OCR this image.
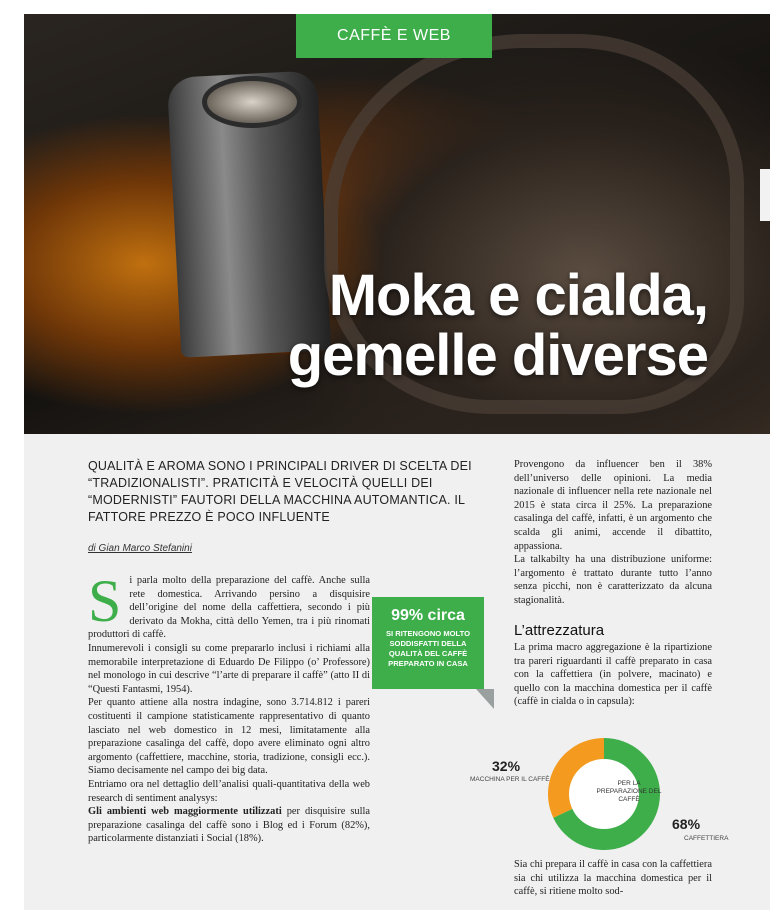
CAFFÈ E WEB
Moka e cialda,
gemelle diverse
QUALITÀ E AROMA SONO I PRINCIPALI DRIVER DI SCELTA DEI “TRADIZIONALISTI”. PRATICITÀ E VELOCITÀ QUELLI DEI “MODERNISTI” FAUTORI DELLA MACCHINA AUTOMANTICA. IL FATTORE PREZZO È POCO INFLUENTE
di Gian Marco Stefanini
S i parla molto della preparazione del caffè. Anche sulla rete domestica. Arrivando persino a disquisire dell’origine del nome della caffettiera, secondo i più derivato da Mokha, città dello Yemen, tra i più rinomati produttori di caffè.

Innumerevoli i consigli su come prepararlo inclusi i richiami alla memorabile interpretazione di Eduardo De Filippo (o’ Professore) nel monologo in cui descrive “l’arte di preparare il caffè” (atto II di “Questi Fantasmi, 1954).

Per quanto attiene alla nostra indagine, sono 3.714.812 i pareri costituenti il campione statisticamente rappresentativo di quanto lasciato nel web domestico in 12 mesi, limitatamente alla preparazione casalinga del caffè, dopo avere eliminato ogni altro argomento (caffettiere, macchine, storia, tradizione, consigli ecc.). Siamo decisamente nel campo dei big data.

Entriamo ora nel dettaglio dell’analisi quali-quantitativa della web research di sentiment analysys:

Gli ambienti web maggiormente utilizzati per disquisire sulla preparazione casalinga del caffè sono i Blog ed i Forum (82%), particolarmente distanziati i Social (18%).

99% circa
SI RITENGONO MOLTO SODDISFATTI DELLA QUALITÀ DEL CAFFÈ PREPARATO IN CASA

Provengono da influencer ben il 38% dell’universo delle opinioni. La media nazionale di influencer nella rete nazionale nel 2015 è stata circa il 25%. La preparazione casalinga del caffè, infatti, è un argomento che scalda gli animi, accende il dibattito, appassiona.

La talkabilty ha una distribuzione uniforme: l’argomento è trattato durante tutto l’anno senza picchi, non è caratterizzato da alcuna stagionalità.

L’attrezzatura

La prima macro aggregazione è la ripartizione tra pareri riguardanti il caffè preparato in casa con la caffettiera (in polvere, macinato) e quello con la macchina domestica per il caffè (caffè in cialda o in capsula):

PER LA PREPARAZIONE DEL CAFFÈ
32%
MACCHINA PER IL CAFFÈ
68%
CAFFETTIERA

Sia chi prepara il caffè in casa con la caffettiera sia chi utilizza la macchina domestica per il caffè, si ritiene molto sod-
